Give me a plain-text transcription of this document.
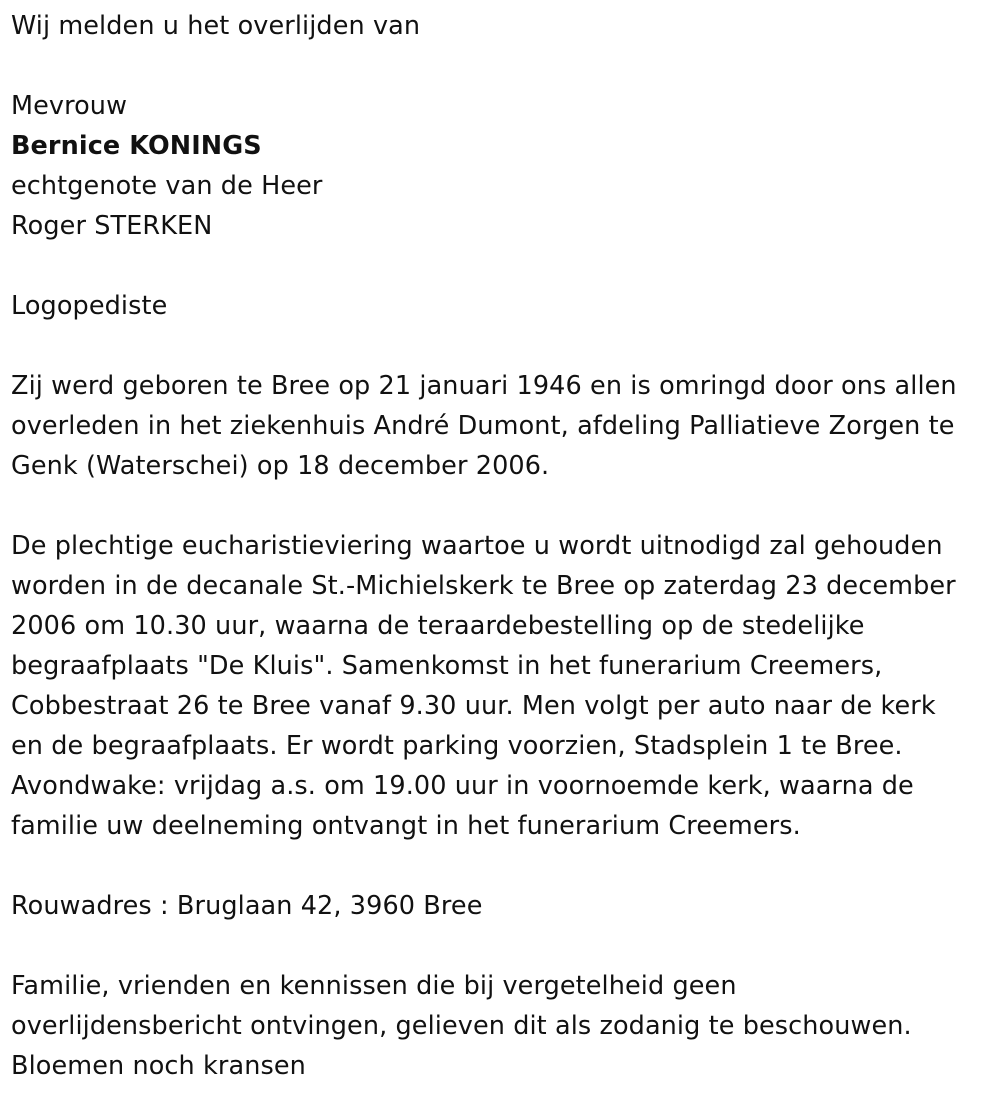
Wij melden u het overlijden van

Mevrouw

Bernice KONINGS

echtgenote van de Heer

Roger STERKEN

Logopediste

Zij werd geboren te Bree op 21 januari 1946 en is omringd door ons allen
overleden in het ziekenhuis André Dumont, afdeling Palliatieve Zorgen te
Genk (Waterschei) op 18 december 2006.

De plechtige eucharistieviering waartoe u wordt uitnodigd zal gehouden
worden in de decanale St.-Michielskerk te Bree op zaterdag 23 december
2006 om 10.30 uur, waarna de teraardebestelling op de stedelijke
begraafplaats "De Kluis". Samenkomst in het funerarium Creemers,
Cobbestraat 26 te Bree vanaf 9.30 uur. Men volgt per auto naar de kerk
en de begraafplaats. Er wordt parking voorzien, Stadsplein 1 te Bree.
Avondwake: vrijdag a.s. om 19.00 uur in voornoemde kerk, waarna de
familie uw deelneming ontvangt in het funerarium Creemers.

Rouwadres : Bruglaan 42, 3960 Bree

Familie, vrienden en kennissen die bij vergetelheid geen
overlijdensbericht ontvingen, gelieven dit als zodanig te beschouwen.
Bloemen noch kransen
